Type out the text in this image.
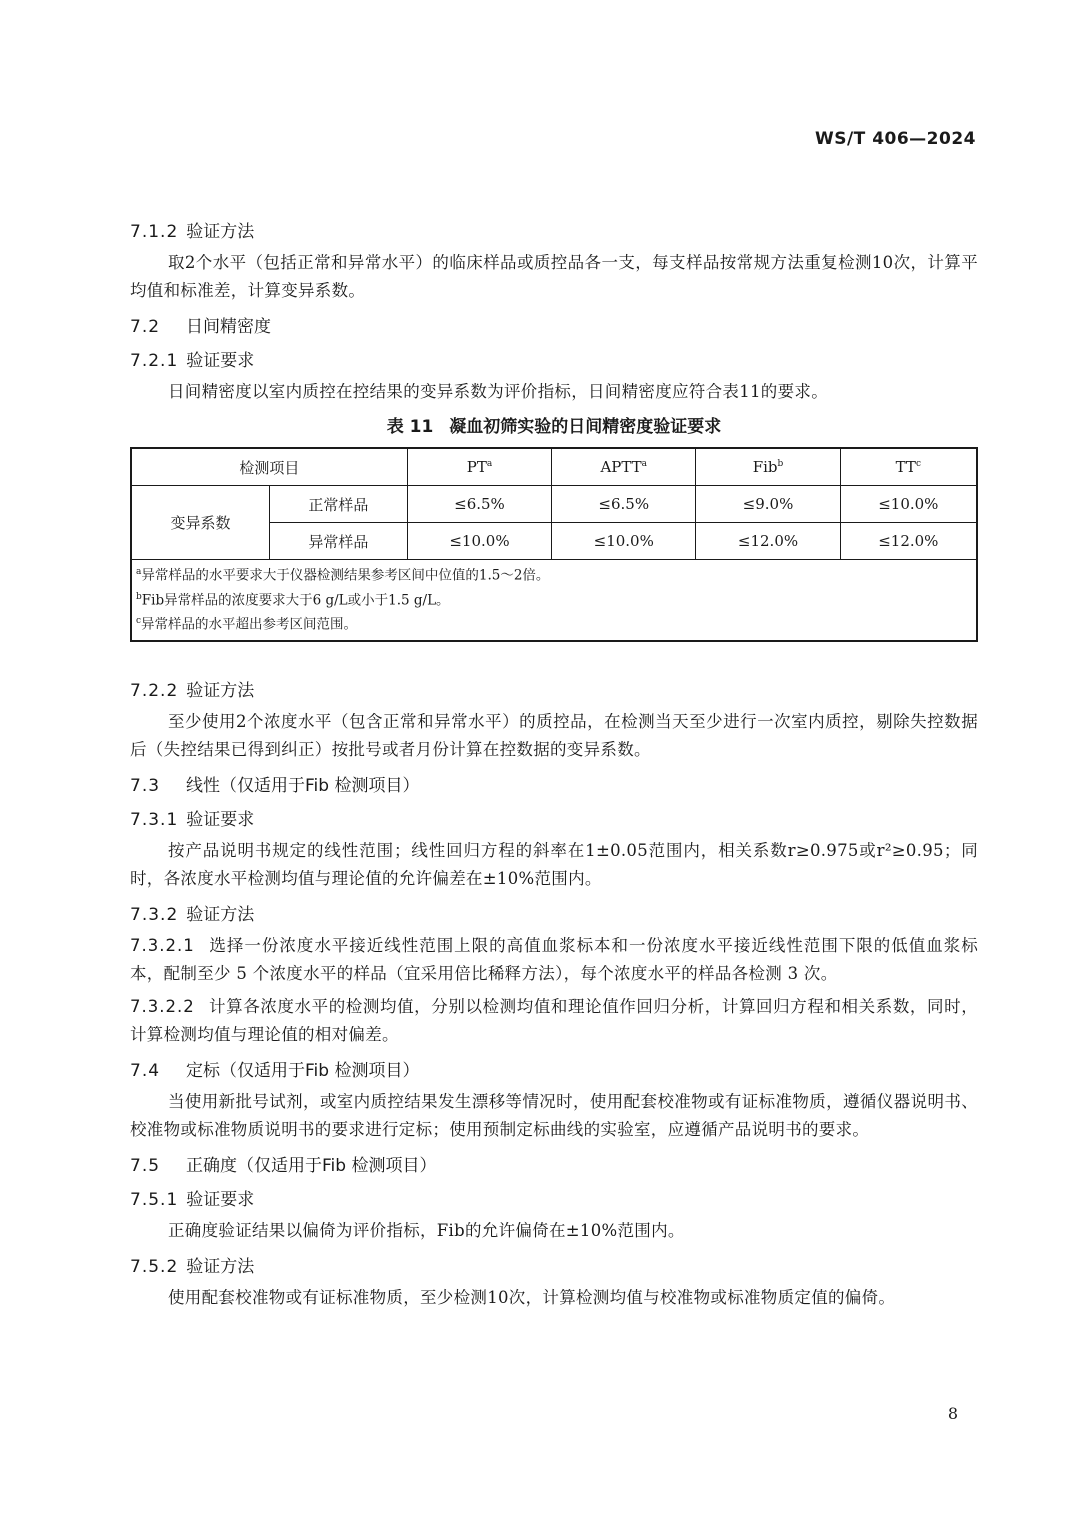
WS/T 406—2024

7.1.2 验证方法

取2个水平（包括正常和异常水平）的临床样品或质控品各一支，每支样品按常规方法重复检测10次，计算平均值和标准差，计算变异系数。

7.2 日间精密度

7.2.1 验证要求

日间精密度以室内质控在控结果的变异系数为评价指标，日间精密度应符合表11的要求。

表 11 凝血初筛实验的日间精密度验证要求
检测项目		$PT^a$	APTT$^a$	Fib$^b$	$TT^c$
变异系数	正常样品	≤6.5%	≤6.5%	≤9.0%	≤10.0%
	异常样品	≤10.0%	≤10.0%	≤12.0%	≤12.0%

$^a$异常样品的水平要求大于仪器检测结果参考区间中位值的1.5～2倍。
$^b$Fib异常样品的浓度要求大于6 g/L或小于1.5 g/L。
$^c$异常样品的水平超出参考区间范围。					

7.2.2 验证方法

至少使用2个浓度水平（包含正常和异常水平）的质控品，在检测当天至少进行一次室内质控，剔除失控数据后（失控结果已得到纠正）按批号或者月份计算在控数据的变异系数。

7.3 线性（仅适用于Fib 检测项目）

7.3.1 验证要求

按产品说明书规定的线性范围；线性回归方程的斜率在1±0.05范围内，相关系数r≥0.975或r²≥0.95；同时，各浓度水平检测均值与理论值的允许偏差在±10%范围内。

7.3.2 验证方法

7.3.2.1 选择一份浓度水平接近线性范围上限的高值血浆标本和一份浓度水平接近线性范围下限的低值血浆标本，配制至少 5 个浓度水平的样品（宜采用倍比稀释方法），每个浓度水平的样品各检测 3 次。

7.3.2.2 计算各浓度水平的检测均值，分别以检测均值和理论值作回归分析，计算回归方程和相关系数，同时，计算检测均值与理论值的相对偏差。

7.4 定标（仅适用于Fib 检测项目）

当使用新批号试剂，或室内质控结果发生漂移等情况时，使用配套校准物或有证标准物质，遵循仪器说明书、校准物或标准物质说明书的要求进行定标；使用预制定标曲线的实验室，应遵循产品说明书的要求。

7.5 正确度（仅适用于Fib 检测项目）

7.5.1 验证要求

正确度验证结果以偏倚为评价指标，Fib的允许偏倚在±10%范围内。

7.5.2 验证方法

使用配套校准物或有证标准物质，至少检测10次，计算检测均值与校准物或标准物质定值的偏倚。

8
